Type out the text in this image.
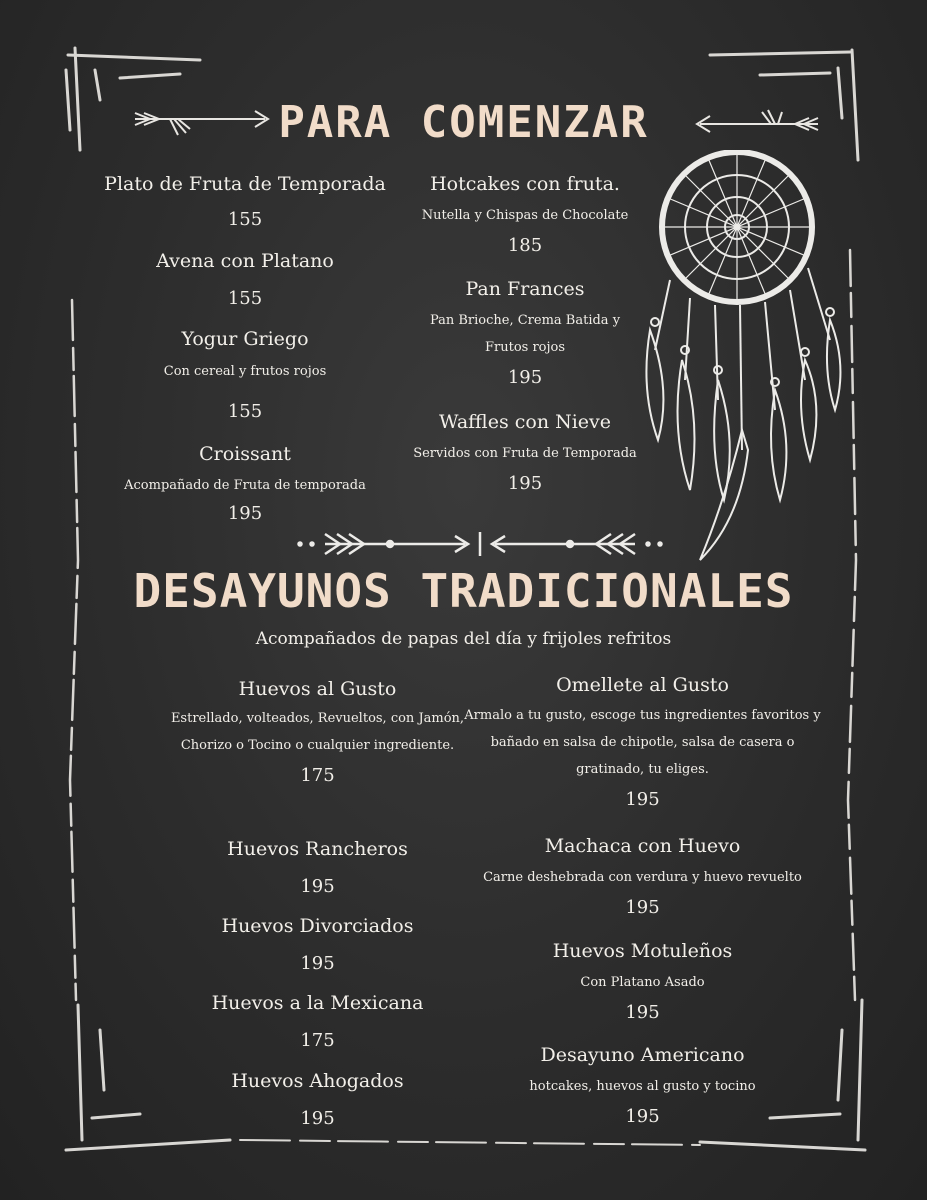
PARA COMENZAR
Plato de Fruta de Temporada
155
Avena con Platano
155
Yogur Griego
Con cereal y frutos rojos
155
Croissant
Acompañado de Fruta de temporada
195
Hotcakes con fruta.
Nutella y Chispas de Chocolate
185
Pan Frances
Pan Brioche, Crema Batida y Frutos rojos
195
Waffles con Nieve
Servidos con Fruta de Temporada
195
DESAYUNOS TRADICIONALES
Acompañados de papas del día y frijoles refritos
Huevos al Gusto
Estrellado, volteados, Revueltos, con Jamón, Chorizo o Tocino o cualquier ingrediente.
175
Huevos Rancheros
195
Huevos Divorciados
195
Huevos a la Mexicana
175
Huevos Ahogados
195
Omellete al Gusto
Armalo a tu gusto, escoge tus ingredientes favoritos y bañado en salsa de chipotle, salsa de casera o gratinado, tu eliges.
195
Machaca con Huevo
Carne deshebrada con verdura y huevo revuelto
195
Huevos Motuleños
Con Platano Asado
195
Desayuno Americano
hotcakes, huevos al gusto y tocino
195
